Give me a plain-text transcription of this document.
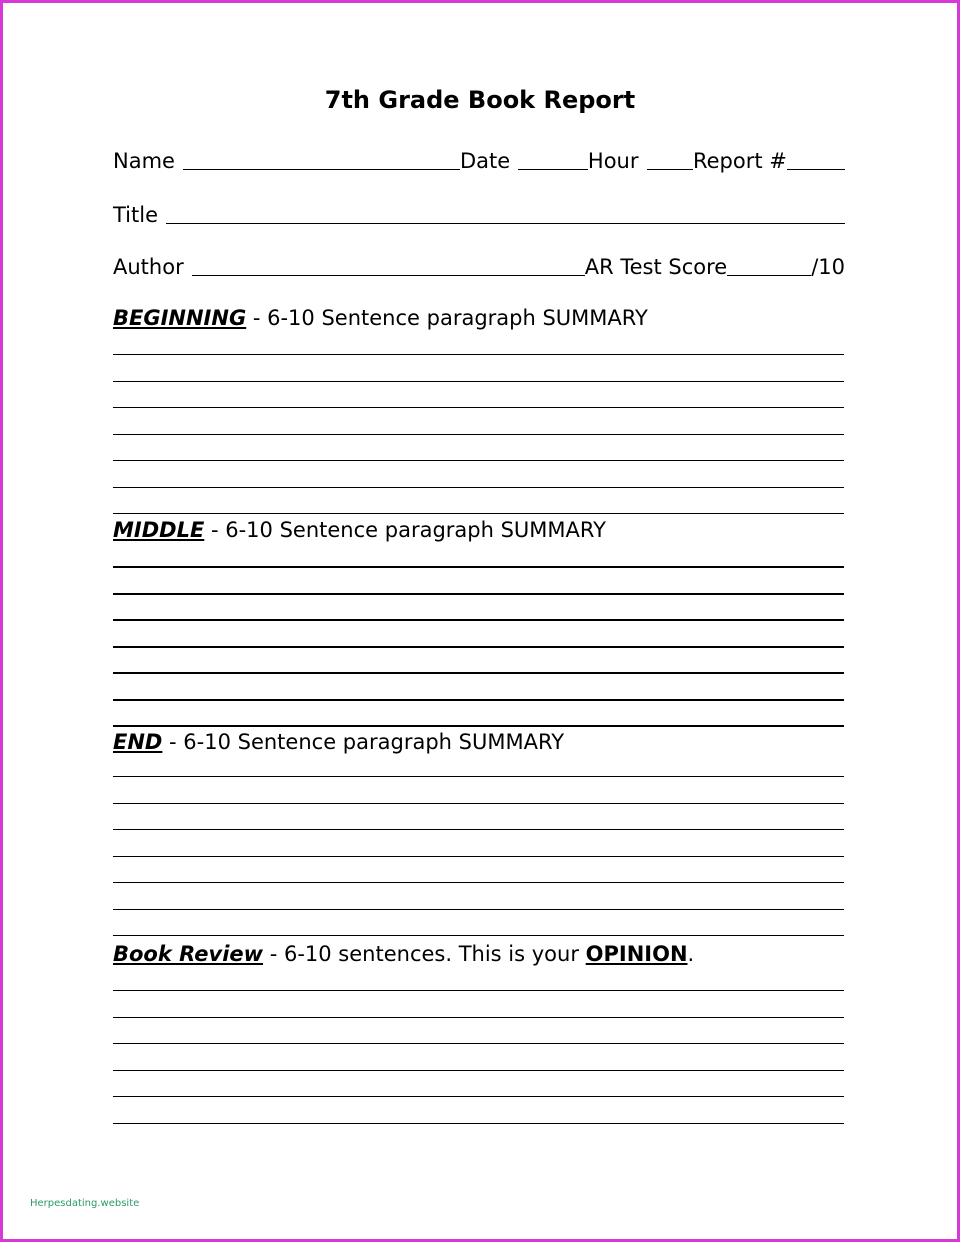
7th Grade Book Report
Name	Date	Hour	Report #
Title
Author	AR Test Score	/10
BEGINNING - 6-10 Sentence paragraph SUMMARY
MIDDLE - 6-10 Sentence paragraph SUMMARY
END - 6-10 Sentence paragraph SUMMARY
Book Review - 6-10 sentences. This is your OPINION.
Herpesdating.website
